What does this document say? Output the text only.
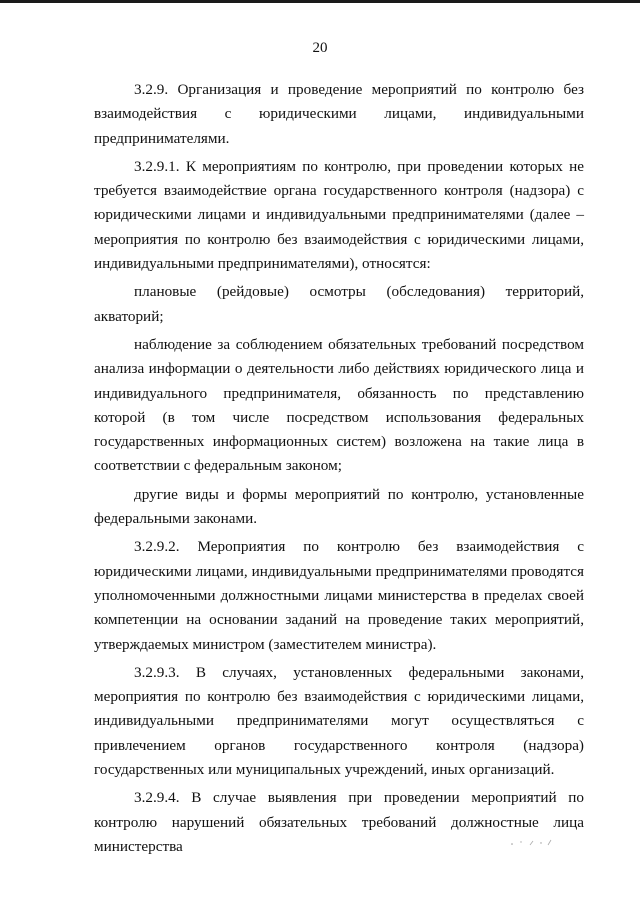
20

3.2.9. Организация и проведение мероприятий по контролю без взаимодействия с юридическими лицами, индивидуальными предпринимателями.

3.2.9.1. К мероприятиям по контролю, при проведении которых не требуется взаимодействие органа государственного контроля (надзора) с юридическими лицами и индивидуальными предпринимателями (далее – мероприятия по контролю без взаимодействия с юридическими лицами, индивидуальными предпринимателями), относятся:

плановые (рейдовые) осмотры (обследования) территорий, акваторий;

наблюдение за соблюдением обязательных требований посредством анализа информации о деятельности либо действиях юридического лица и индивидуального предпринимателя, обязанность по представлению которой (в том числе посредством использования федеральных государственных информационных систем) возложена на такие лица в соответствии с федеральным законом;

другие виды и формы мероприятий по контролю, установленные федеральными законами.

3.2.9.2. Мероприятия по контролю без взаимодействия с юридическими лицами, индивидуальными предпринимателями проводятся уполномоченными должностными лицами министерства в пределах своей компетенции на основании заданий на проведение таких мероприятий, утверждаемых министром (заместителем министра).

3.2.9.3. В случаях, установленных федеральными законами, мероприятия по контролю без взаимодействия с юридическими лицами, индивидуальными предпринимателями могут осуществляться с привлечением органов государственного контроля (надзора) государственных или муниципальных учреждений, иных организаций.

3.2.9.4. В случае выявления при проведении мероприятий по контролю нарушений обязательных требований должностные лица министерства
